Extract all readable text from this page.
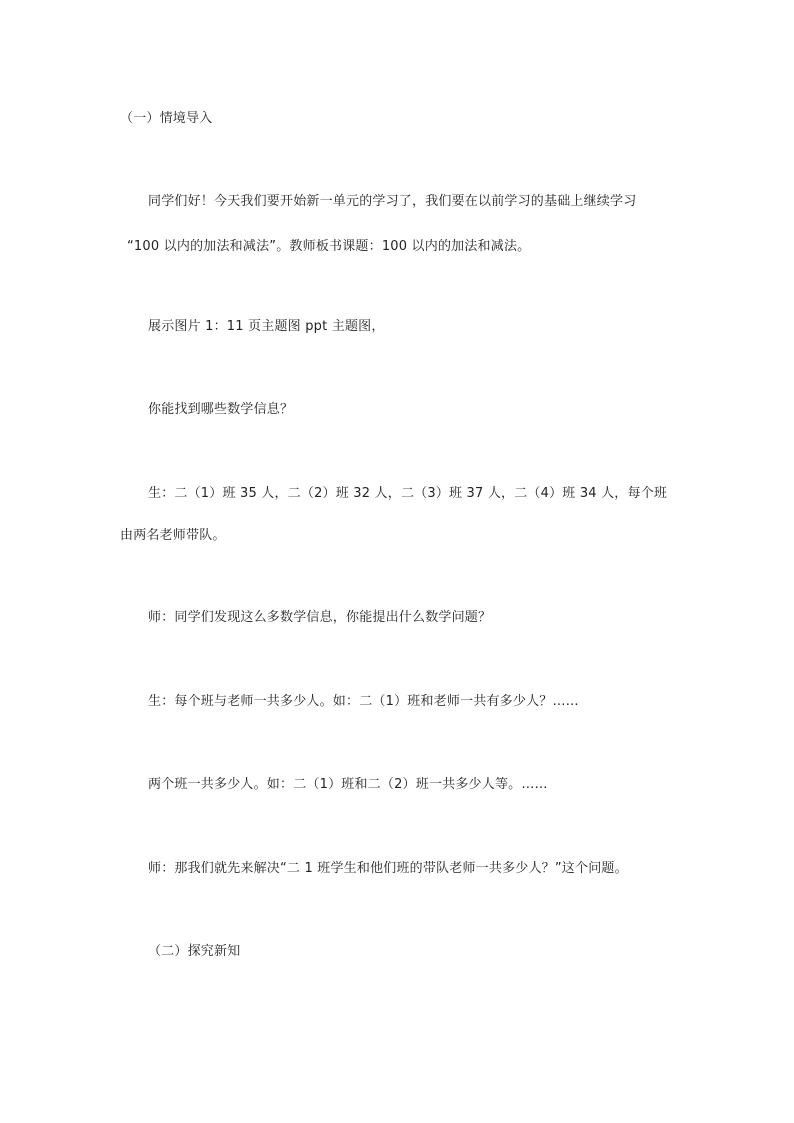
（一）情境导入
同学们好！今天我们要开始新一单元的学习了，我们要在以前学习的基础上继续学习
“100 以内的加法和减法”。教师板书课题：100 以内的加法和减法。
展示图片 1：11 页主题图 ppt 主题图，
你能找到哪些数学信息？
生：二（1）班 35 人，二（2）班 32 人，二（3）班 37 人，二（4）班 34 人，每个班
由两名老师带队。
师：同学们发现这么多数学信息，你能提出什么数学问题？
生：每个班与老师一共多少人。如：二（1）班和老师一共有多少人？……
两个班一共多少人。如：二（1）班和二（2）班一共多少人等。……
师：那我们就先来解决“二 1 班学生和他们班的带队老师一共多少人？”这个问题。
（二）探究新知
